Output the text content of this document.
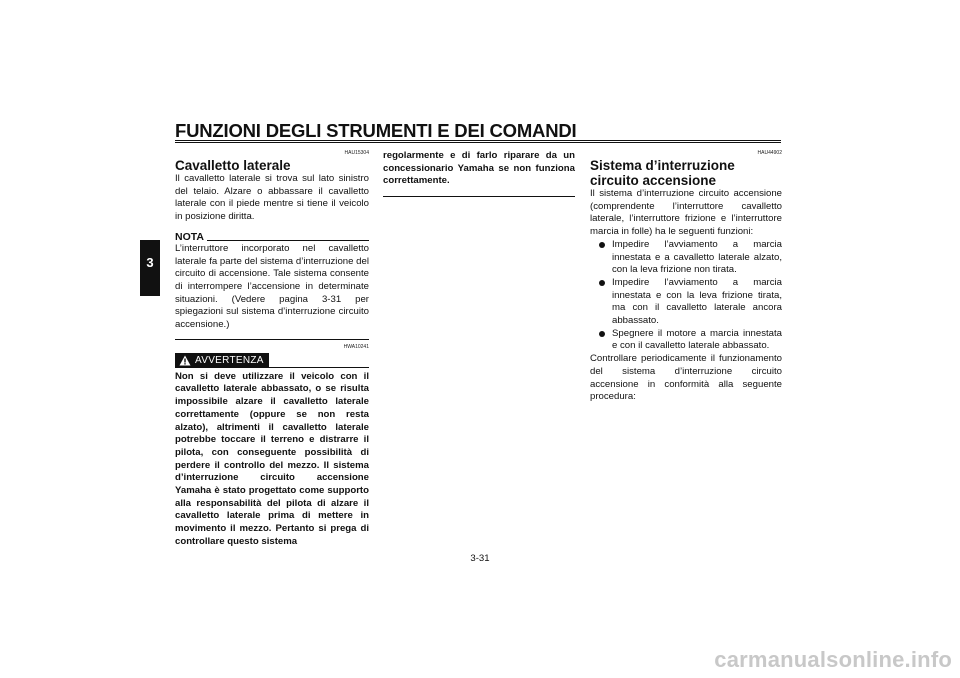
FUNZIONI DEGLI STRUMENTI E DEI COMANDI
3
HAU15304
Cavalletto laterale

Il cavalletto laterale si trova sul lato sinistro del telaio. Alzare o abbassare il cavalletto laterale con il piede mentre si tiene il veicolo in posizione diritta.

NOTA

L’interruttore incorporato nel cavalletto laterale fa parte del sistema d’interruzione del circuito di accensione. Tale sistema consente di interrompere l’accensione in determinate situazioni. (Vedere pagina 3-31 per spiegazioni sul sistema d’interruzione circuito accensione.)

HWA10241
AVVERTENZA

Non si deve utilizzare il veicolo con il cavalletto laterale abbassato, o se risulta impossibile alzare il cavalletto laterale correttamente (oppure se non resta alzato), altrimenti il cavalletto laterale potrebbe toccare il terreno e distrarre il pilota, con conseguente possibilità di perdere il controllo del mezzo. Il sistema d’interruzione circuito accensione Yamaha è stato progettato come supporto alla responsabilità del pilota di alzare il cavalletto laterale prima di mettere in movimento il mezzo. Pertanto si prega di controllare questo sistema

regolarmente e di farlo riparare da un concessionario Yamaha se non funziona correttamente.

HAU44902
Sistema d’interruzione circuito accensione

Il sistema d’interruzione circuito accensione (comprendente l’interruttore cavalletto laterale, l’interruttore frizione e l’interruttore marcia in folle) ha le seguenti funzioni:

Impedire l’avviamento a marcia innestata e a cavalletto laterale alzato, con la leva frizione non tirata.
Impedire l’avviamento a marcia innestata e con la leva frizione tirata, ma con il cavalletto laterale ancora abbassato.
Spegnere il motore a marcia innestata e con il cavalletto laterale abbassato.

Controllare periodicamente il funzionamento del sistema d’interruzione circuito accensione in conformità alla seguente procedura:

3-31
carmanualsonline.info
